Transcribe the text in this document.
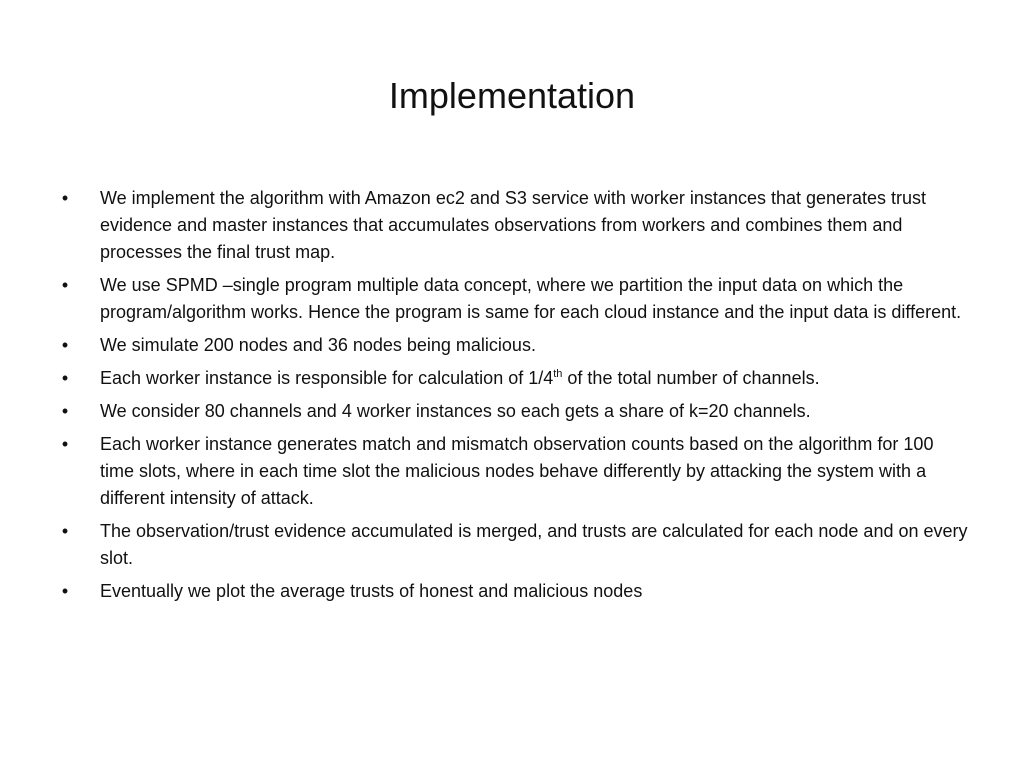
Implementation
• We implement the algorithm with Amazon ec2 and S3 service with worker instances that generates trust evidence and master instances that accumulates observations from workers and combines them and processes the final trust map.
• We use SPMD –single program multiple data concept, where we partition the input data on which the program/algorithm works. Hence the program is same for each cloud instance and the input data is different.
• We simulate 200 nodes and 36 nodes being malicious.
• Each worker instance is responsible for calculation of 1/4th of the total number of channels.
• We consider 80 channels and 4 worker instances so each gets a share of k=20 channels.
• Each worker instance generates match and mismatch observation counts based on the algorithm for 100 time slots, where in each time slot the malicious nodes behave differently by attacking the system with a different intensity of attack.
• The observation/trust evidence accumulated is merged, and trusts are calculated for each node and on every slot.
• Eventually we plot the average trusts of honest and malicious nodes
